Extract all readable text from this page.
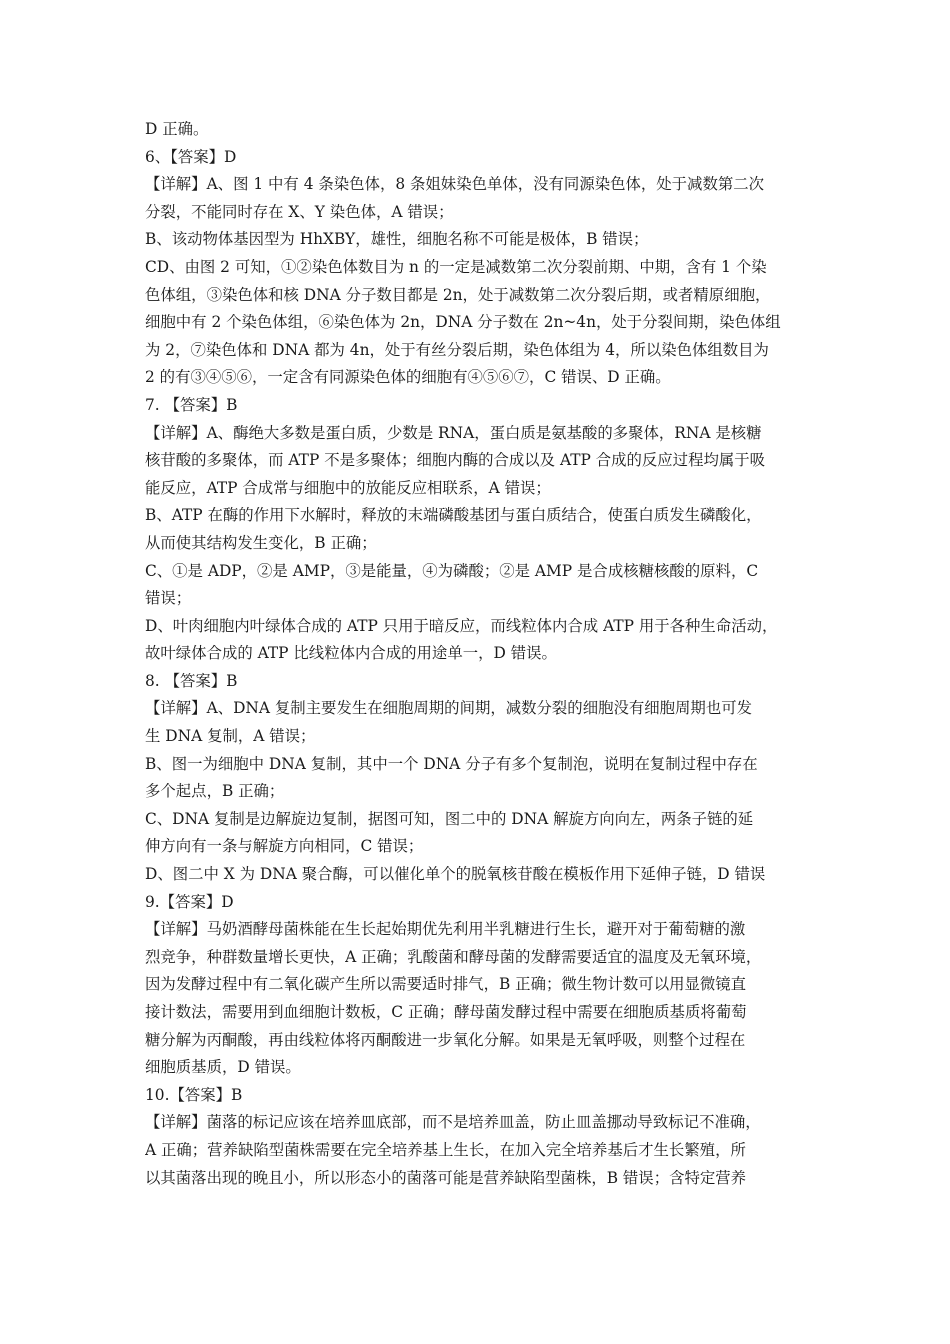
D 正确。
6、【答案】D
【详解】A、图 1 中有 4 条染色体，8 条姐妹染色单体，没有同源染色体，处于减数第二次
分裂，不能同时存在 X、Y 染色体，A 错误；
B、该动物体基因型为 HhXBY，雄性，细胞名称不可能是极体，B 错误；
CD、由图 2 可知，①②染色体数目为 n 的一定是减数第二次分裂前期、中期，含有 1 个染
色体组，③染色体和核 DNA 分子数目都是 2n，处于减数第二次分裂后期，或者精原细胞，
细胞中有 2 个染色体组，⑥染色体为 2n，DNA 分子数在 2n~4n，处于分裂间期，染色体组
为 2，⑦染色体和 DNA 都为 4n，处于有丝分裂后期，染色体组为 4，所以染色体组数目为
2 的有③④⑤⑥，一定含有同源染色体的细胞有④⑤⑥⑦，C 错误、D 正确。
7. 【答案】B
【详解】A、酶绝大多数是蛋白质，少数是 RNA，蛋白质是氨基酸的多聚体，RNA 是核糖
核苷酸的多聚体，而 ATP 不是多聚体；细胞内酶的合成以及 ATP 合成的反应过程均属于吸
能反应，ATP 合成常与细胞中的放能反应相联系，A 错误；
B、ATP 在酶的作用下水解时，释放的末端磷酸基团与蛋白质结合，使蛋白质发生磷酸化，
从而使其结构发生变化，B 正确；
C、①是 ADP，②是 AMP，③是能量，④为磷酸；②是 AMP 是合成核糖核酸的原料，C
错误；
D、叶肉细胞内叶绿体合成的 ATP 只用于暗反应，而线粒体内合成 ATP 用于各种生命活动，
故叶绿体合成的 ATP 比线粒体内合成的用途单一，D 错误。
8. 【答案】B
【详解】A、DNA 复制主要发生在细胞周期的间期，减数分裂的细胞没有细胞周期也可发
生 DNA 复制，A 错误；
B、图一为细胞中 DNA 复制，其中一个 DNA 分子有多个复制泡，说明在复制过程中存在
多个起点，B 正确；
C、DNA 复制是边解旋边复制，据图可知，图二中的 DNA 解旋方向向左，两条子链的延
伸方向有一条与解旋方向相同，C 错误；
D、图二中 X 为 DNA 聚合酶，可以催化单个的脱氧核苷酸在模板作用下延伸子链，D 错误
9.【答案】D
【详解】马奶酒酵母菌株能在生长起始期优先利用半乳糖进行生长，避开对于葡萄糖的激
烈竞争，种群数量增长更快，A 正确；乳酸菌和酵母菌的发酵需要适宜的温度及无氧环境，
因为发酵过程中有二氧化碳产生所以需要适时排气，B 正确；微生物计数可以用显微镜直
接计数法，需要用到血细胞计数板，C 正确；酵母菌发酵过程中需要在细胞质基质将葡萄
糖分解为丙酮酸，再由线粒体将丙酮酸进一步氧化分解。如果是无氧呼吸，则整个过程在
细胞质基质，D 错误。
10.【答案】B
【详解】菌落的标记应该在培养皿底部，而不是培养皿盖，防止皿盖挪动导致标记不准确，
A 正确；营养缺陷型菌株需要在完全培养基上生长，在加入完全培养基后才生长繁殖，所
以其菌落出现的晚且小，所以形态小的菌落可能是营养缺陷型菌株，B 错误；含特定营养
